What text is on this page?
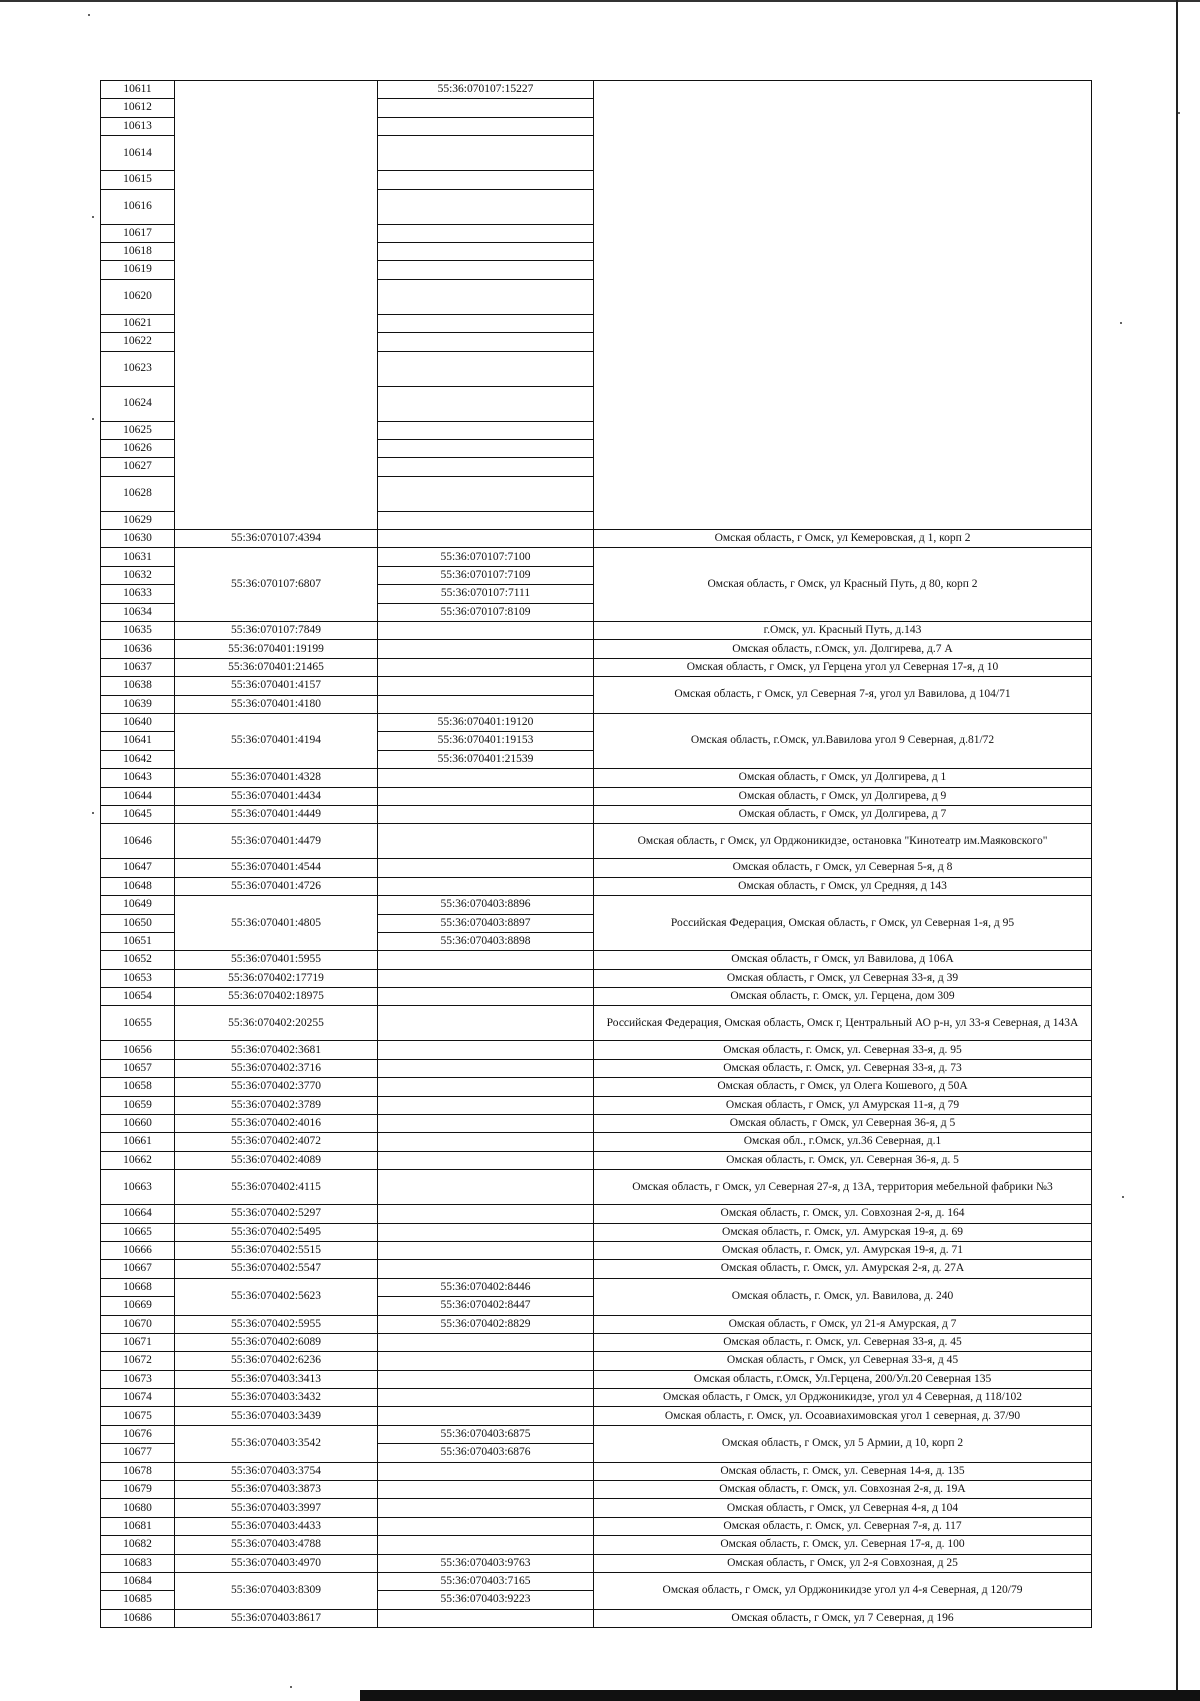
10611		55:36:070107:15227		
10612			
10613			
10614			
10615			
10616			
10617			
10618			
10619			
10620			
10621			
10622			
10623			
10624			
10625			
10626			
10627			
10628			
10629			
10630	55:36:070107:4394		Омская область, г Омск, ул Кемеровская, д 1, корп 2	
10631	55:36:070107:6807	55:36:070107:7100	Омская область, г Омск, ул Красный Путь, д 80, корп 2	
10632		55:36:070107:7109		
10633		55:36:070107:7111		
10634		55:36:070107:8109		
10635	55:36:070107:7849		г.Омск, ул. Красный Путь, д.143	
10636	55:36:070401:19199		Омская область, г.Омск, ул. Долгирева, д.7 А	
10637	55:36:070401:21465		Омская область, г Омск, ул Герцена угол ул Северная 17-я, д 10	
10638	55:36:070401:4157		Омская область, г Омск, ул Северная 7-я, угол ул Вавилова, д 104/71	
10639	55:36:070401:4180			
10640	55:36:070401:4194	55:36:070401:19120	Омская область, г.Омск, ул.Вавилова угол 9 Северная, д.81/72	
10641		55:36:070401:19153		
10642		55:36:070401:21539		
10643	55:36:070401:4328		Омская область, г Омск, ул Долгирева, д 1	
10644	55:36:070401:4434		Омская область, г Омск, ул Долгирева, д 9	
10645	55:36:070401:4449		Омская область, г Омск, ул Долгирева, д 7	
10646	55:36:070401:4479		Омская область, г Омск, ул Орджоникидзе, остановка "Кинотеатр им.Маяковского"	
10647	55:36:070401:4544		Омская область, г Омск, ул Северная 5-я, д 8	
10648	55:36:070401:4726		Омская область, г Омск, ул Средняя, д 143	
10649	55:36:070401:4805	55:36:070403:8896	Российская Федерация, Омская область, г Омск, ул Северная 1-я, д 95	
10650		55:36:070403:8897		
10651		55:36:070403:8898		
10652	55:36:070401:5955		Омская область, г Омск, ул Вавилова, д 106А	
10653	55:36:070402:17719		Омская область, г Омск, ул Северная 33-я, д 39	
10654	55:36:070402:18975		Омская область, г. Омск, ул. Герцена, дом 309	
10655	55:36:070402:20255		Российская Федерация, Омская область, Омск г, Центральный АО р-н, ул 33-я Северная, д 143А	
10656	55:36:070402:3681		Омская область, г. Омск, ул. Северная 33-я, д. 95	
10657	55:36:070402:3716		Омская область, г. Омск, ул. Северная 33-я, д. 73	
10658	55:36:070402:3770		Омская область, г Омск, ул Олега Кошевого, д 50А	
10659	55:36:070402:3789		Омская область, г Омск, ул Амурская 11-я, д 79	
10660	55:36:070402:4016		Омская область, г Омск, ул Северная 36-я, д 5	
10661	55:36:070402:4072		Омская обл., г.Омск, ул.36 Северная, д.1	
10662	55:36:070402:4089		Омская область, г. Омск, ул. Северная 36-я, д. 5	
10663	55:36:070402:4115		Омская область, г Омск, ул Северная 27-я, д 13А, территория мебельной фабрики №3	
10664	55:36:070402:5297		Омская область, г. Омск, ул. Совхозная 2-я, д. 164	
10665	55:36:070402:5495		Омская область, г. Омск, ул. Амурская 19-я, д. 69	
10666	55:36:070402:5515		Омская область, г. Омск, ул. Амурская 19-я, д. 71	
10667	55:36:070402:5547		Омская область, г. Омск, ул. Амурская 2-я, д. 27А	
10668	55:36:070402:5623	55:36:070402:8446	Омская область, г. Омск, ул. Вавилова, д. 240	
10669		55:36:070402:8447		
10670	55:36:070402:5955	55:36:070402:8829	Омская область, г Омск, ул 21-я Амурская, д 7	
10671	55:36:070402:6089		Омская область, г. Омск, ул. Северная 33-я, д. 45	
10672	55:36:070402:6236		Омская область, г Омск, ул Северная 33-я, д 45	
10673	55:36:070403:3413		Омская область, г.Омск, Ул.Герцена, 200/Ул.20 Северная 135	
10674	55:36:070403:3432		Омская область, г Омск, ул Орджоникидзе, угол ул 4 Северная, д 118/102	
10675	55:36:070403:3439		Омская область, г. Омск, ул. Осоавиахимовская угол 1 северная, д. 37/90	
10676	55:36:070403:3542	55:36:070403:6875	Омская область, г Омск, ул 5 Армии, д 10, корп 2	
10677		55:36:070403:6876		
10678	55:36:070403:3754		Омская область, г. Омск, ул. Северная 14-я, д. 135	
10679	55:36:070403:3873		Омская область, г. Омск, ул. Совхозная 2-я, д. 19А	
10680	55:36:070403:3997		Омская область, г Омск, ул Северная 4-я, д 104	
10681	55:36:070403:4433		Омская область, г. Омск, ул. Северная 7-я, д. 117	
10682	55:36:070403:4788		Омская область, г. Омск, ул. Северная 17-я, д. 100	
10683	55:36:070403:4970	55:36:070403:9763	Омская область, г Омск, ул 2-я Совхозная, д 25	
10684	55:36:070403:8309	55:36:070403:7165	Омская область, г Омск, ул Орджоникидзе угол ул 4-я Северная, д 120/79	
10685		55:36:070403:9223		
10686	55:36:070403:8617		Омская область, г Омск, ул 7 Северная, д 196	
